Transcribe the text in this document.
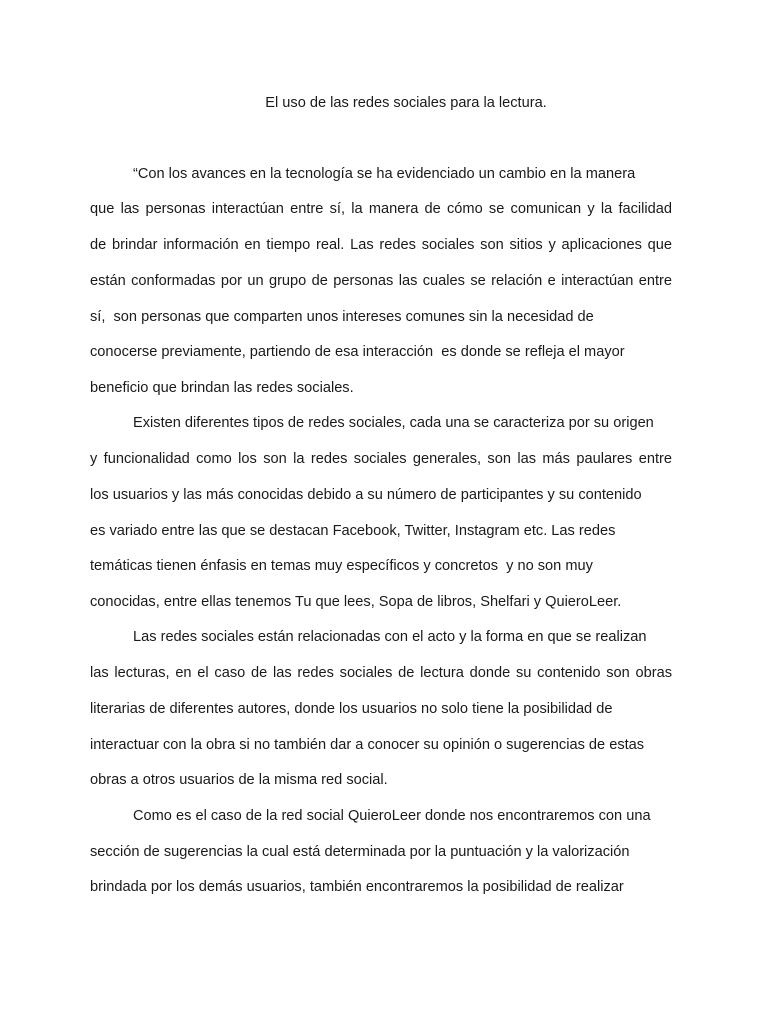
El uso de las redes sociales para la lectura.
“Con los avances en la tecnología se ha evidenciado un cambio en la manera
que las personas interactúan entre sí, la manera de cómo se comunican y la facilidad
de brindar información en tiempo real. Las redes sociales son sitios y aplicaciones que
están conformadas por un grupo de personas las cuales se relación e interactúan entre
sí,  son personas que comparten unos intereses comunes sin la necesidad de
conocerse previamente, partiendo de esa interacción  es donde se refleja el mayor
beneficio que brindan las redes sociales.
Existen diferentes tipos de redes sociales, cada una se caracteriza por su origen
y funcionalidad como los son la redes sociales generales, son las más paulares entre
los usuarios y las más conocidas debido a su número de participantes y su contenido
es variado entre las que se destacan Facebook, Twitter, Instagram etc. Las redes
temáticas tienen énfasis en temas muy específicos y concretos  y no son muy
conocidas, entre ellas tenemos Tu que lees, Sopa de libros, Shelfari y QuieroLeer.
Las redes sociales están relacionadas con el acto y la forma en que se realizan
las lecturas, en el caso de las redes sociales de lectura donde su contenido son obras
literarias de diferentes autores, donde los usuarios no solo tiene la posibilidad de
interactuar con la obra si no también dar a conocer su opinión o sugerencias de estas
obras a otros usuarios de la misma red social.
Como es el caso de la red social QuieroLeer donde nos encontraremos con una
sección de sugerencias la cual está determinada por la puntuación y la valorización
brindada por los demás usuarios, también encontraremos la posibilidad de realizar
